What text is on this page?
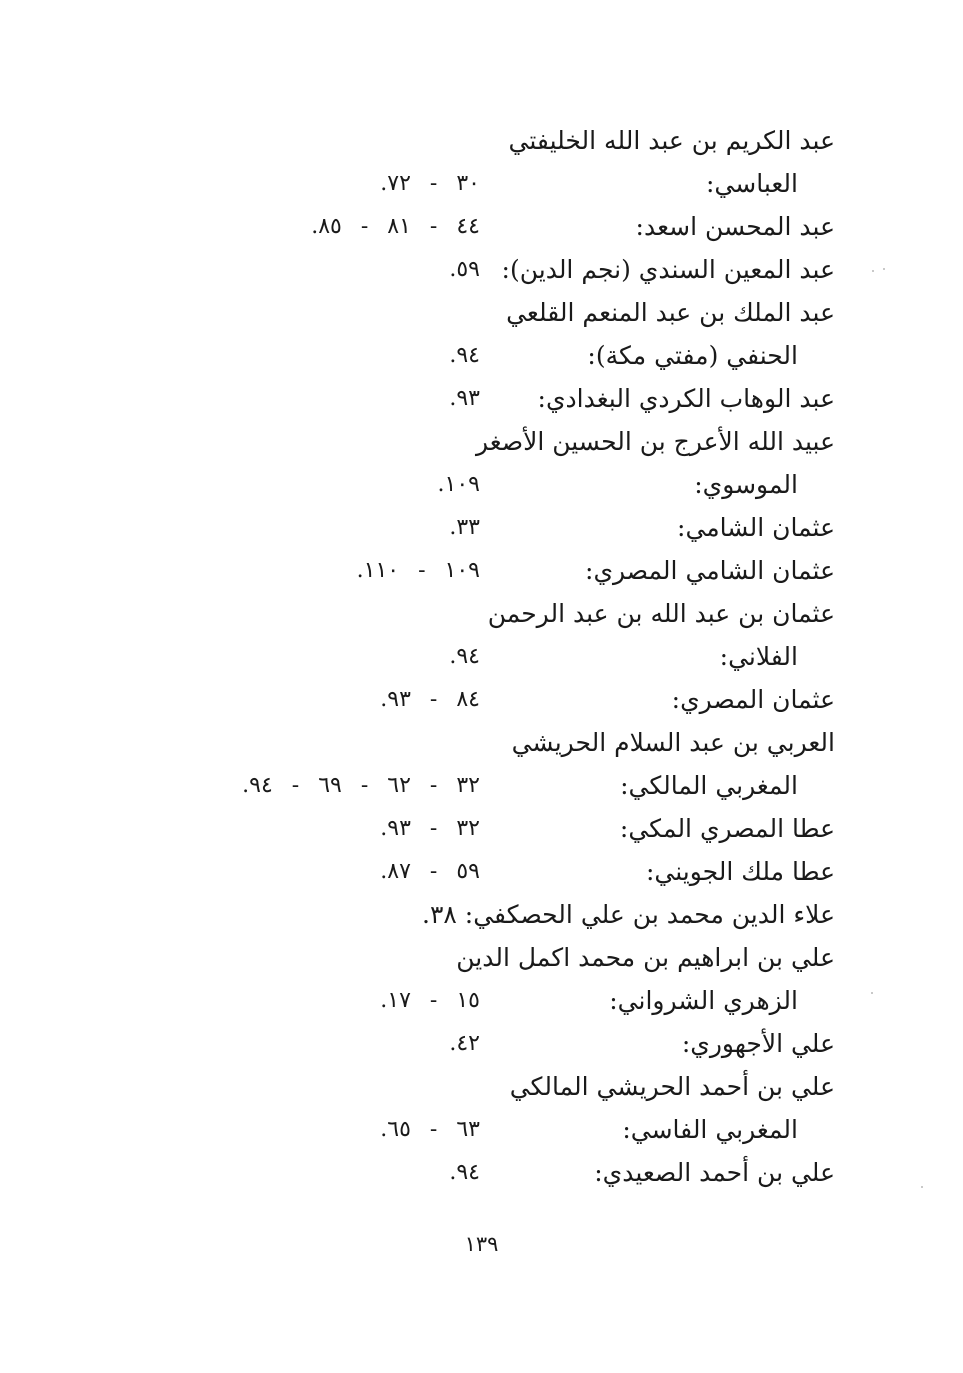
عبد الكريم بن عبد الله الخليفتي
العباسي:
٣٠ - ٧٢.
عبد المحسن اسعد:
٤٤ - ٨١ - ٨٥.
عبد المعين السندي (نجم الدين):
٥٩.
عبد الملك بن عبد المنعم القلعي
الحنفي (مفتي مكة):
٩٤.
عبد الوهاب الكردي البغدادي:
٩٣.
عبيد الله الأعرج بن الحسين الأصغر
الموسوي:
١٠٩.
عثمان الشامي:
٣٣.
عثمان الشامي المصري:
١٠٩ - ١١٠.
عثمان بن عبد الله بن عبد الرحمن
الفلاني:
٩٤.
عثمان المصري:
٨٤ - ٩٣.
العربي بن عبد السلام الحريشي
المغربي المالكي:
٣٢ - ٦٢ - ٦٩ - ٩٤.
عطا المصري المكي:
٣٢ - ٩٣.
عطا ملك الجويني:
٥٩ - ٨٧.
علاء الدين محمد بن علي الحصكفي: ٣٨.
علي بن ابراهيم بن محمد اكمل الدين
الزهري الشرواني:
١٥ - ١٧.
علي الأجهوري:
٤٢.
علي بن أحمد الحريشي المالكي
المغربي الفاسي:
٦٣ - ٦٥.
علي بن أحمد الصعيدي:
٩٤.
١٣٩
